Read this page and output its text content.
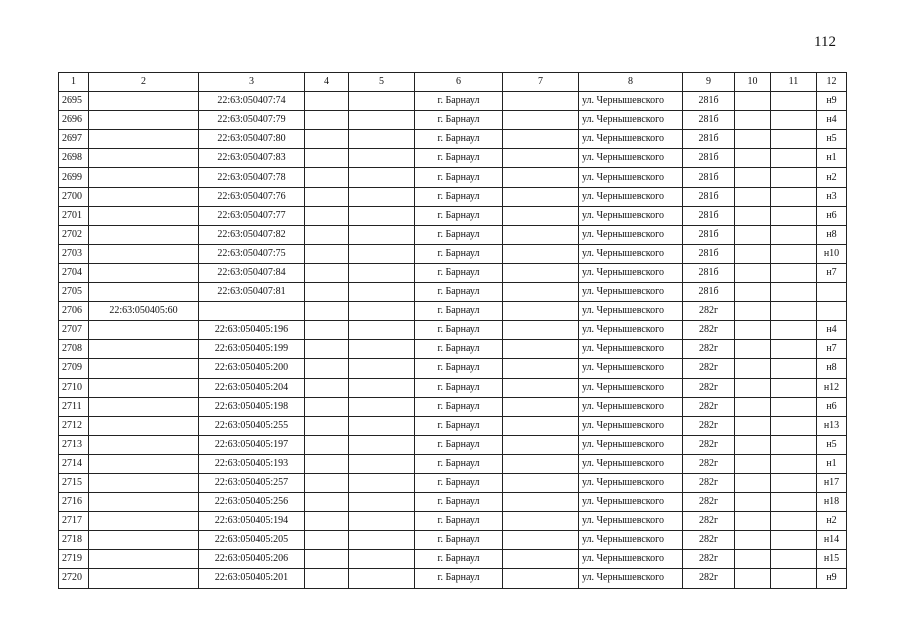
112
1	2	3	4	5	6	7	8	9	10	11	12
2695		22:63:050407:74			г. Барнаул		ул. Чернышевского	281б			н9
2696		22:63:050407:79			г. Барнаул		ул. Чернышевского	281б			н4
2697		22:63:050407:80			г. Барнаул		ул. Чернышевского	281б			н5
2698		22:63:050407:83			г. Барнаул		ул. Чернышевского	281б			н1
2699		22:63:050407:78			г. Барнаул		ул. Чернышевского	281б			н2
2700		22:63:050407:76			г. Барнаул		ул. Чернышевского	281б			н3
2701		22:63:050407:77			г. Барнаул		ул. Чернышевского	281б			н6
2702		22:63:050407:82			г. Барнаул		ул. Чернышевского	281б			н8
2703		22:63:050407:75			г. Барнаул		ул. Чернышевского	281б			н10
2704		22:63:050407:84			г. Барнаул		ул. Чернышевского	281б			н7
2705		22:63:050407:81			г. Барнаул		ул. Чернышевского	281б			
2706	22:63:050405:60				г. Барнаул		ул. Чернышевского	282г			
2707		22:63:050405:196			г. Барнаул		ул. Чернышевского	282г			н4
2708		22:63:050405:199			г. Барнаул		ул. Чернышевского	282г			н7
2709		22:63:050405:200			г. Барнаул		ул. Чернышевского	282г			н8
2710		22:63:050405:204			г. Барнаул		ул. Чернышевского	282г			н12
2711		22:63:050405:198			г. Барнаул		ул. Чернышевского	282г			н6
2712		22:63:050405:255			г. Барнаул		ул. Чернышевского	282г			н13
2713		22:63:050405:197			г. Барнаул		ул. Чернышевского	282г			н5
2714		22:63:050405:193			г. Барнаул		ул. Чернышевского	282г			н1
2715		22:63:050405:257			г. Барнаул		ул. Чернышевского	282г			н17
2716		22:63:050405:256			г. Барнаул		ул. Чернышевского	282г			н18
2717		22:63:050405:194			г. Барнаул		ул. Чернышевского	282г			н2
2718		22:63:050405:205			г. Барнаул		ул. Чернышевского	282г			н14
2719		22:63:050405:206			г. Барнаул		ул. Чернышевского	282г			н15
2720		22:63:050405:201			г. Барнаул		ул. Чернышевского	282г			н9
